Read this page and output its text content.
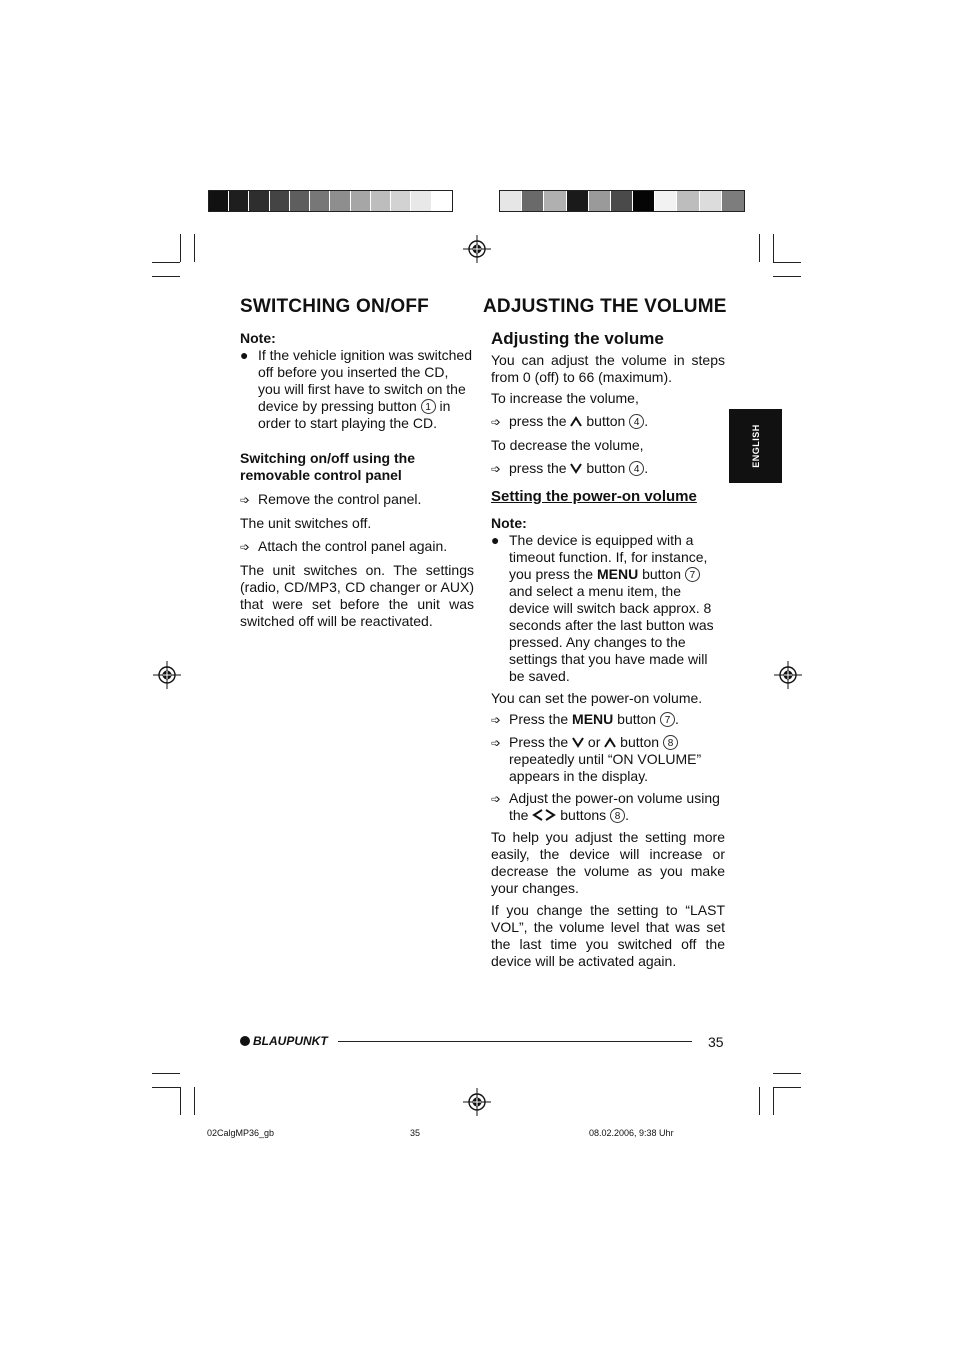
SWITCHING ON/OFF	ADJUSTING THE VOLUME

Note:

● If the vehicle ignition was switched off before you inserted the CD, you will first have to switch on the device by pressing button 1 in order to start playing the CD.

Switching on/off using the removable control panel

➩ Remove the control panel.

The unit switches off.

➩ Attach the control panel again.

The unit switches on. The settings (radio, CD/MP3, CD changer or AUX) that were set before the unit was switched off will be reactivated.

Adjusting the volume

You can adjust the volume in steps from 0 (off) to 66 (maximum).

To increase the volume,

➩ press the button 4 .

To decrease the volume,

➩ press the button 4 .

Setting the power-on volume

Note:

● The device is equipped with a timeout function. If, for instance, you press the MENU button 7 and select a menu item, the device will switch back approx. 8 seconds after the last button was pressed. Any changes to the settings that you have made will be saved.

You can set the power-on volume.

➩ Press the MENU button 7 .
➩ Press the or button 8 repeatedly until “ON VOLUME” appears in the display.
➩ Adjust the power-on volume using the buttons 8 .

To help you adjust the setting more easily, the device will increase or decrease the volume as you make your changes.

If you change the setting to “LAST VOL”, the volume level that was set the last time you switched off the device will be activated again.

ENGLISH
BLAUPUNKT	35
02CalgMP36_gb	35	08.02.2006, 9:38 Uhr
